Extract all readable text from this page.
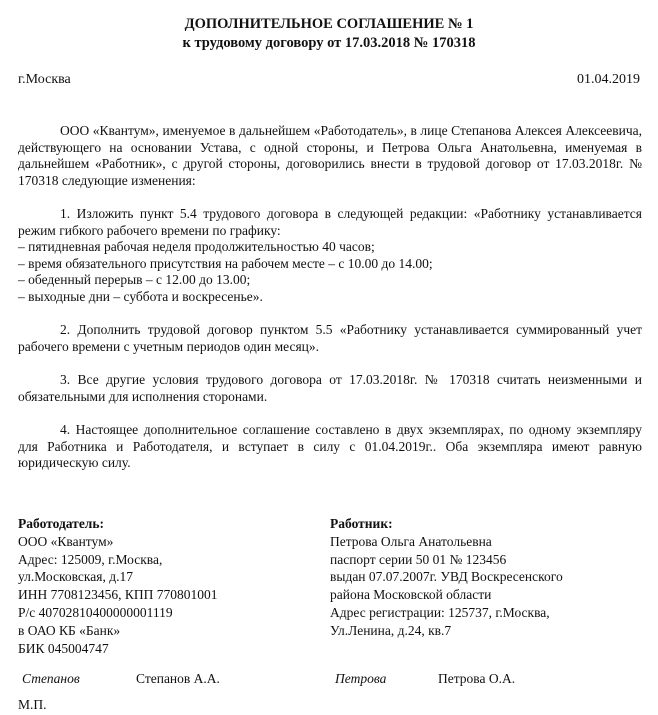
ДОПОЛНИТЕЛЬНОЕ СОГЛАШЕНИЕ № 1
к трудовому договору от 17.03.2018 № 170318
г.Москва	01.04.2019

ООО «Квантум», именуемое в дальнейшем «Работодатель», в лице Степанова Алексея Алексеевича, действующего на основании Устава, с одной стороны, и Петрова Ольга Анатольевна, именуемая в дальнейшем «Работник», с другой стороны, договорились внести в трудовой договор от 17.03.2018г. № 170318 следующие изменения:

1. Изложить пункт 5.4 трудового договора в следующей редакции: «Работнику устанавливается режим гибкого рабочего времени по графику:

– пятидневная рабочая неделя продолжительностью 40 часов;

– время обязательного присутствия на рабочем месте – с 10.00 до 14.00;

– обеденный перерыв – с 12.00 до 13.00;

– выходные дни – суббота и воскресенье».

2. Дополнить трудовой договор пунктом 5.5 «Работнику устанавливается суммированный учет рабочего времени с учетным периодов один месяц».

3. Все другие условия трудового договора от 17.03.2018г. № 170318 считать неизменными и обязательными для исполнения сторонами.

4. Настоящее дополнительное соглашение составлено в двух экземплярах, по одному экземпляру для Работника и Работодателя, и вступает в силу с 01.04.2019г.. Оба экземпляра имеют равную юридическую силу.

Работодатель:
ООО «Квантум»
Адрес: 125009, г.Москва,
ул.Московская, д.17
ИНН 7708123456, КПП 770801001
Р/с 40702810400000001119
в ОАО КБ «Банк»
БИК 045004747
Работник:
Петрова Ольга Анатольевна
паспорт серии 50 01 № 123456
выдан 07.07.2007г. УВД Воскресенского
района Московской области
Адрес регистрации: 125737, г.Москва,
Ул.Ленина, д.24, кв.7
Степанов	Степанов А.А.	Петрова	Петрова О.А.
М.П.
